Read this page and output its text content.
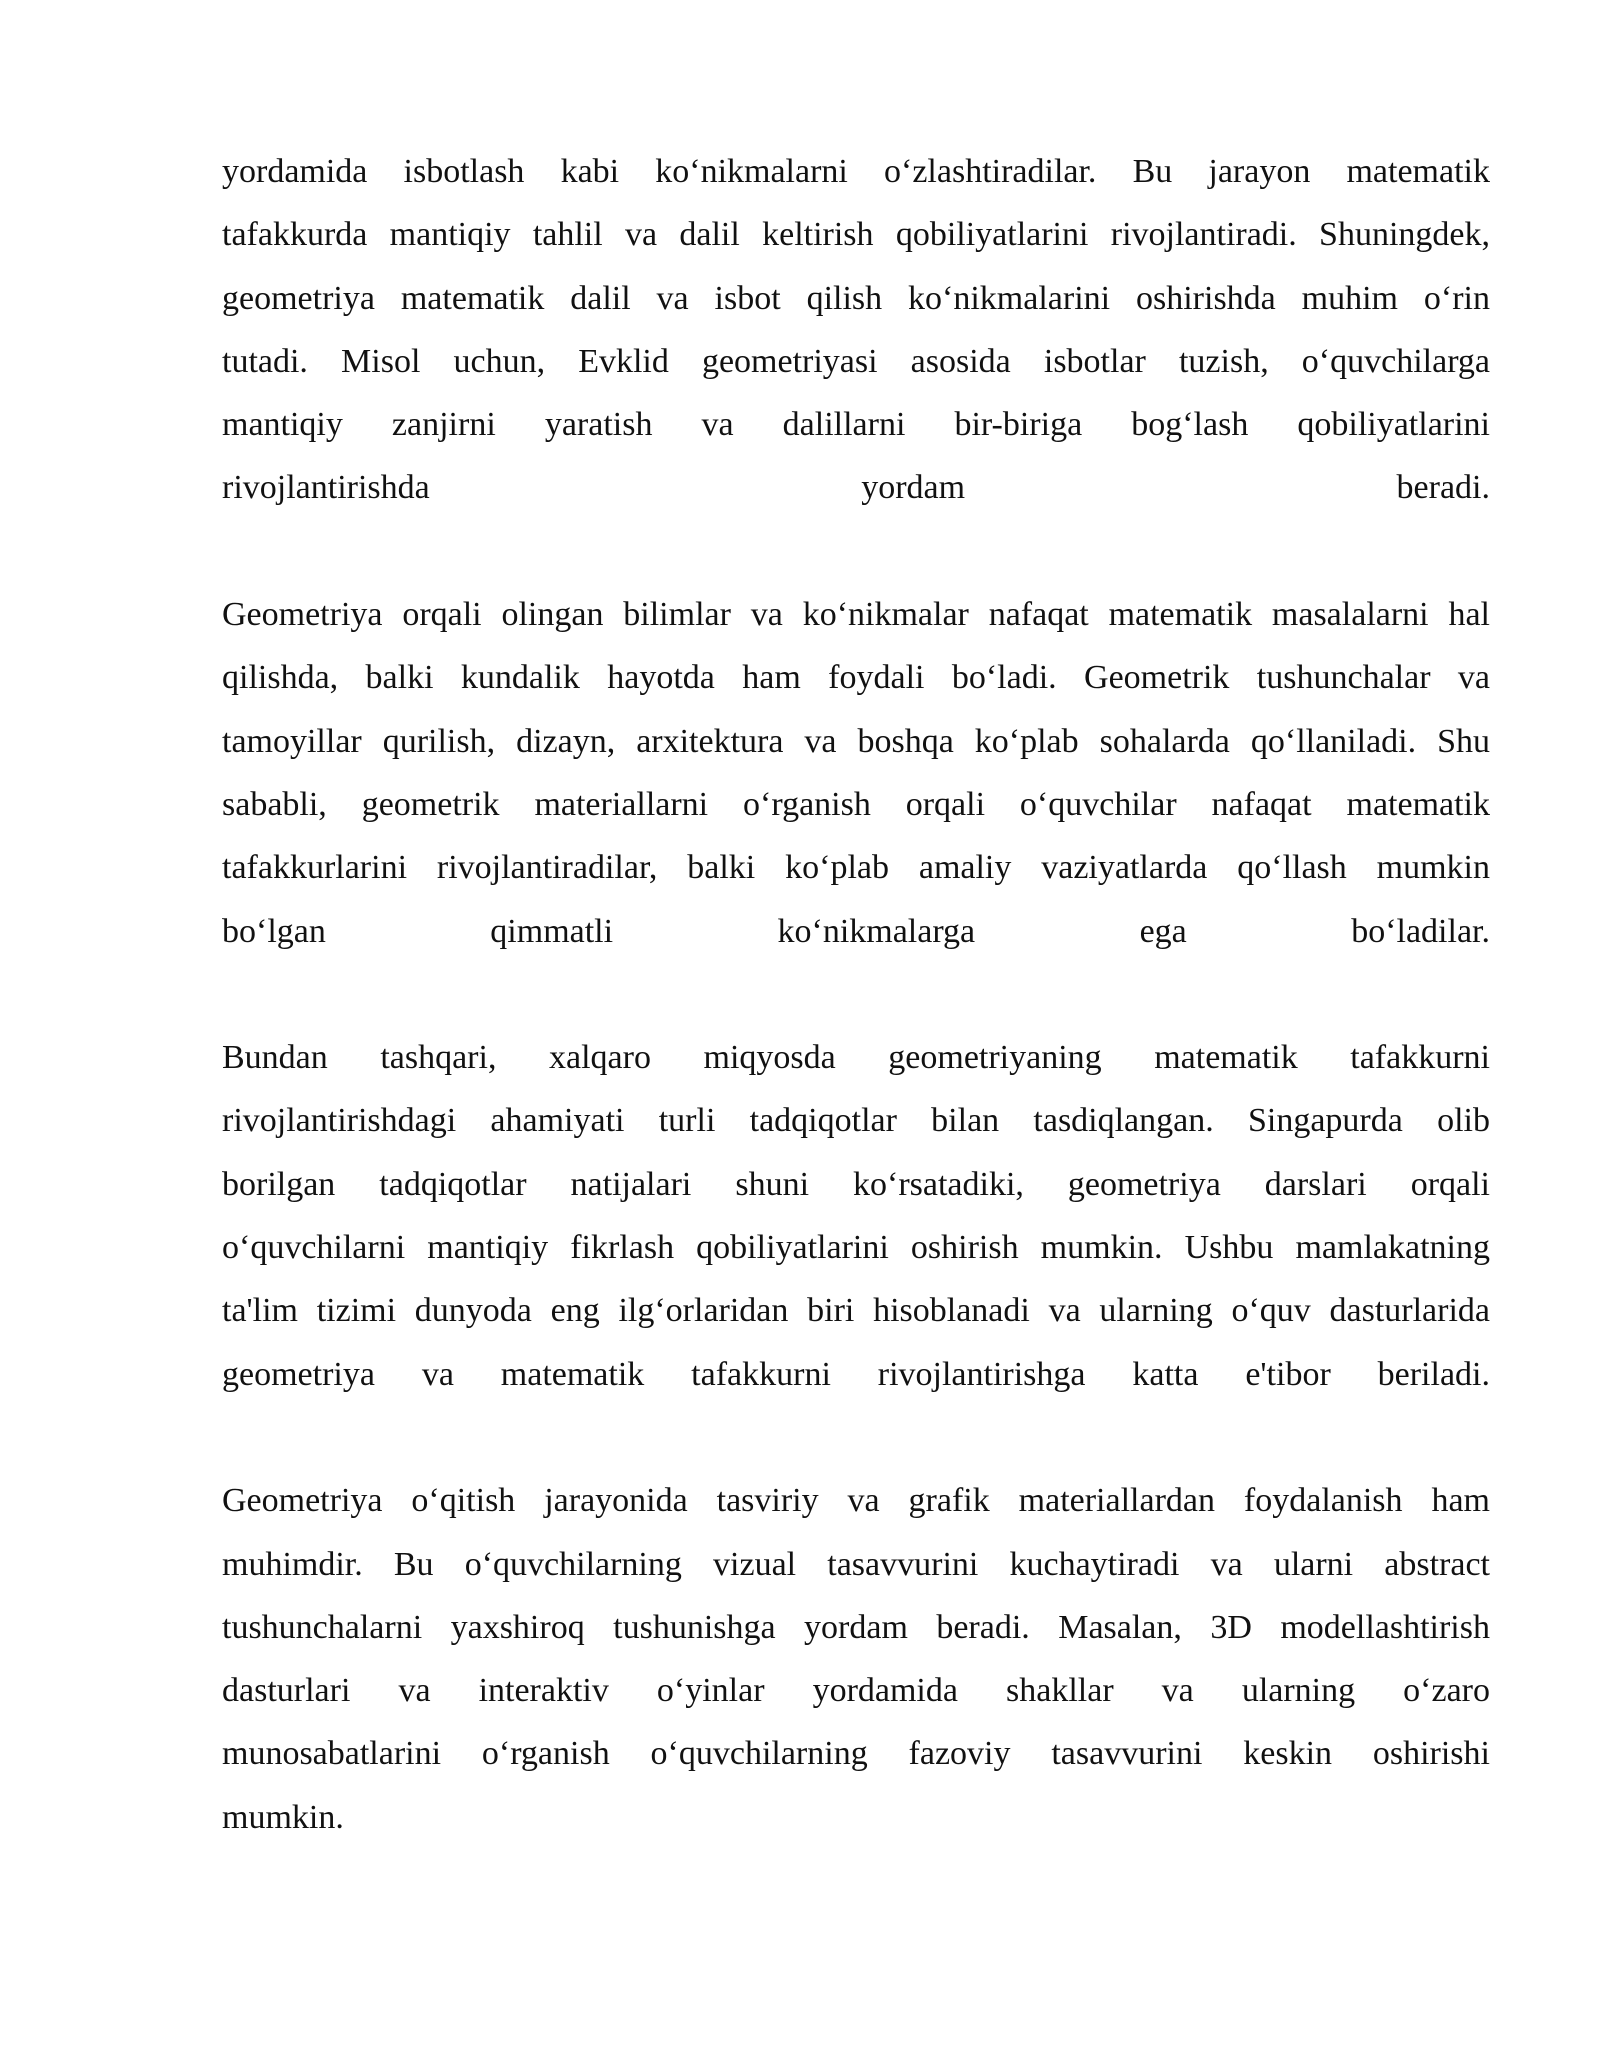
yordamida isbotlash kabi ko‘nikmalarni o‘zlashtiradilar. Bu jarayon matematik
tafakkurda mantiqiy tahlil va dalil keltirish qobiliyatlarini rivojlantiradi. Shuningdek,
geometriya matematik dalil va isbot qilish ko‘nikmalarini oshirishda muhim o‘rin
tutadi. Misol uchun, Evklid geometriyasi asosida isbotlar tuzish, o‘quvchilarga
mantiqiy zanjirni yaratish va dalillarni bir-biriga bog‘lash qobiliyatlarini
rivojlantirishda yordam beradi.
Geometriya orqali olingan bilimlar va ko‘nikmalar nafaqat matematik masalalarni hal
qilishda, balki kundalik hayotda ham foydali bo‘ladi. Geometrik tushunchalar va
tamoyillar qurilish, dizayn, arxitektura va boshqa ko‘plab sohalarda qo‘llaniladi. Shu
sababli, geometrik materiallarni o‘rganish orqali o‘quvchilar nafaqat matematik
tafakkurlarini rivojlantiradilar, balki ko‘plab amaliy vaziyatlarda qo‘llash mumkin
bo‘lgan qimmatli ko‘nikmalarga ega bo‘ladilar.
Bundan tashqari, xalqaro miqyosda geometriyaning matematik tafakkurni
rivojlantirishdagi ahamiyati turli tadqiqotlar bilan tasdiqlangan. Singapurda olib
borilgan tadqiqotlar natijalari shuni ko‘rsatadiki, geometriya darslari orqali
o‘quvchilarni mantiqiy fikrlash qobiliyatlarini oshirish mumkin. Ushbu mamlakatning
ta'lim tizimi dunyoda eng ilg‘orlaridan biri hisoblanadi va ularning o‘quv dasturlarida
geometriya va matematik tafakkurni rivojlantirishga katta e'tibor beriladi.
Geometriya o‘qitish jarayonida tasviriy va grafik materiallardan foydalanish ham
muhimdir. Bu o‘quvchilarning vizual tasavvurini kuchaytiradi va ularni abstract
tushunchalarni yaxshiroq tushunishga yordam beradi. Masalan, 3D modellashtirish
dasturlari va interaktiv o‘yinlar yordamida shakllar va ularning o‘zaro
munosabatlarini o‘rganish o‘quvchilarning fazoviy tasavvurini keskin oshirishi
mumkin.
